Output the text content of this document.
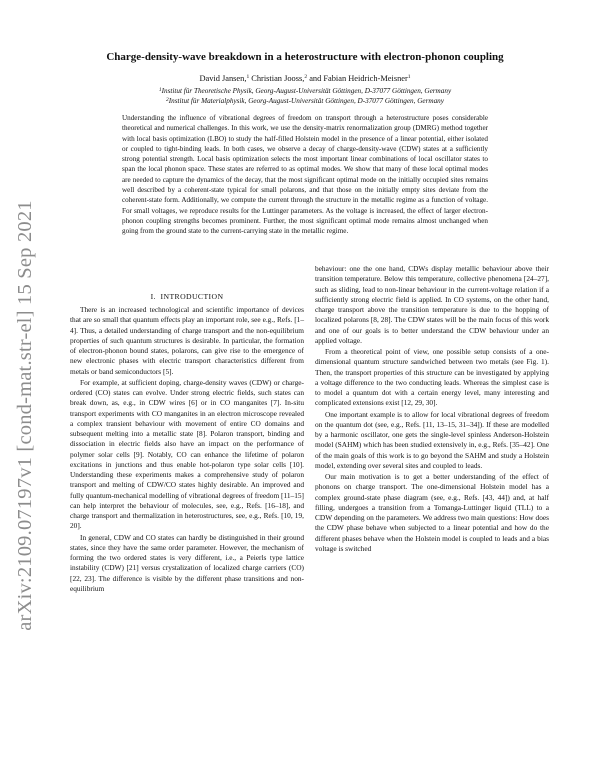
arXiv:2109.07197v1 [cond-mat.str-el] 15 Sep 2021
Charge-density-wave breakdown in a heterostructure with electron-phonon coupling
David Jansen,$^1$ Christian Jooss,$^2$ and Fabian Heidrich-Meisner$^1$
$^1$Institut für Theoretische Physik, Georg-August-Universität Göttingen, D-37077 Göttingen, Germany
$^2$Institut für Materialphysik, Georg-August-Universität Göttingen, D-37077 Göttingen, Germany

Understanding the influence of vibrational degrees of freedom on transport through a heterostructure poses considerable theoretical and numerical challenges. In this work, we use the density-matrix renormalization group (DMRG) method together with local basis optimization (LBO) to study the half-filled Holstein model in the presence of a linear potential, either isolated or coupled to tight-binding leads. In both cases, we observe a decay of charge-density-wave (CDW) states at a sufficiently strong potential strength. Local basis optimization selects the most important linear combinations of local oscillator states to span the local phonon space. These states are referred to as optimal modes. We show that many of these local optimal modes are needed to capture the dynamics of the decay, that the most significant optimal mode on the initially occupied sites remains well described by a coherent-state typical for small polarons, and that those on the initially empty sites deviate from the coherent-state form. Additionally, we compute the current through the structure in the metallic regime as a function of voltage. For small voltages, we reproduce results for the Luttinger parameters. As the voltage is increased, the effect of larger electron-phonon coupling strengths becomes prominent. Further, the most significant optimal mode remains almost unchanged when going from the ground state to the current-carrying state in the metallic regime.

I. INTRODUCTION

There is an increased technological and scientific importance of devices that are so small that quantum effects play an important role, see e.g., Refs. [1–4]. Thus, a detailed understanding of charge transport and the non-equilibrium properties of such quantum structures is desirable. In particular, the formation of electron-phonon bound states, polarons, can give rise to the emergence of new electronic phases with electric transport characteristics different from metals or band semiconductors [5].

For example, at sufficient doping, charge-density waves (CDW) or charge-ordered (CO) states can evolve. Under strong electric fields, such states can break down, as, e.g., in CDW wires [6] or in CO manganites [7]. In-situ transport experiments with CO manganites in an electron microscope revealed a complex transient behaviour with movement of entire CO domains and subsequent melting into a metallic state [8]. Polaron transport, binding and dissociation in electric fields also have an impact on the performance of polymer solar cells [9]. Notably, CO can enhance the lifetime of polaron excitations in junctions and thus enable hot-polaron type solar cells [10]. Understanding these experiments makes a comprehensive study of polaron transport and melting of CDW/CO states highly desirable. An improved and fully quantum-mechanical modelling of vibrational degrees of freedom [11–15] can help interpret the behaviour of molecules, see, e.g., Refs. [16–18], and charge transport and thermalization in heterostructures, see, e.g., Refs. [10, 19, 20].

In general, CDW and CO states can hardly be distinguished in their ground states, since they have the same order parameter. However, the mechanism of forming the two ordered states is very different, i.e., a Peierls type lattice instability (CDW) [21] versus crystalization of localized charge carriers (CO) [22, 23]. The difference is visible by the different phase transitions and non-equilibrium

behaviour: one the one hand, CDWs display metallic behaviour above their transition temperature. Below this temperature, collective phenomena [24–27], such as sliding, lead to non-linear behaviour in the current-voltage relation if a sufficiently strong electric field is applied. In CO systems, on the other hand, charge transport above the transition temperature is due to the hopping of localized polarons [8, 28]. The CDW states will be the main focus of this work and one of our goals is to better understand the CDW behaviour under an applied voltage.

From a theoretical point of view, one possible setup consists of a one-dimensional quantum structure sandwiched between two metals (see Fig. 1). Then, the transport properties of this structure can be investigated by applying a voltage difference to the two conducting leads. Whereas the simplest case is to model a quantum dot with a certain energy level, many interesting and complicated extensions exist [12, 29, 30].

One important example is to allow for local vibrational degrees of freedom on the quantum dot (see, e.g., Refs. [11, 13–15, 31–34]). If these are modelled by a harmonic oscillator, one gets the single-level spinless Anderson-Holstein model (SAHM) which has been studied extensively in, e.g., Refs. [35–42]. One of the main goals of this work is to go beyond the SAHM and study a Holstein model, extending over several sites and coupled to leads.

Our main motivation is to get a better understanding of the effect of phonons on charge transport. The one-dimensional Holstein model has a complex ground-state phase diagram (see, e.g., Refs. [43, 44]) and, at half filling, undergoes a transition from a Tomanga-Luttinger liquid (TLL) to a CDW depending on the parameters. We address two main questions: How does the CDW phase behave when subjected to a linear potential and how do the different phases behave when the Holstein model is coupled to leads and a bias voltage is switched
